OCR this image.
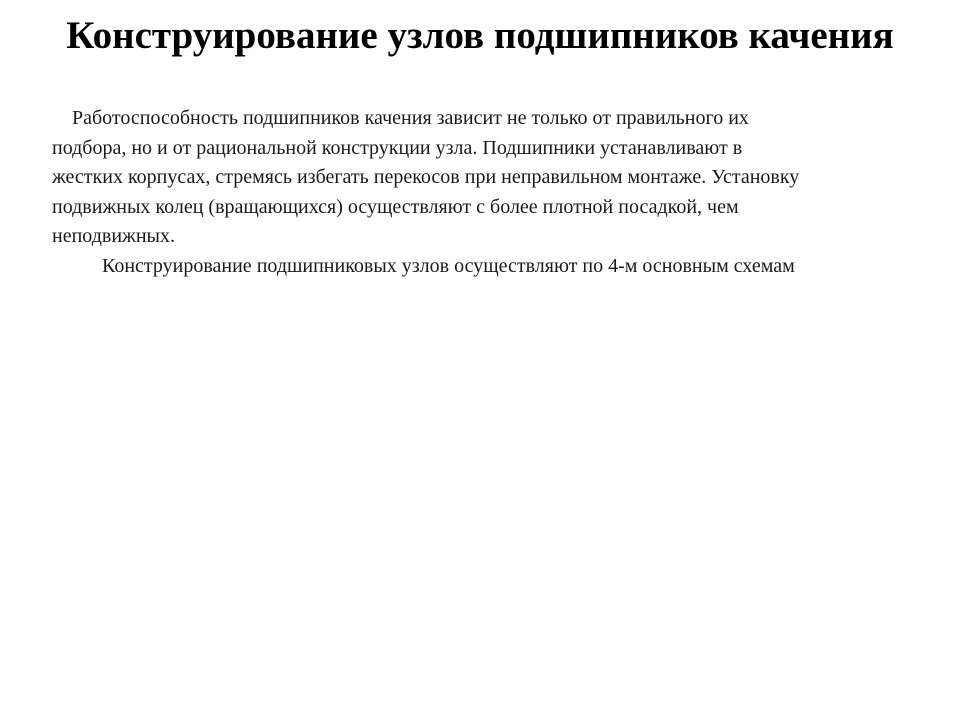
Конструирование узлов подшипников качения
Работоспособность подшипников качения зависит не только от правильного их
подбора, но и от рациональной конструкции узла. Подшипники устанавливают в
жестких корпусах, стремясь избегать перекосов при неправильном монтаже. Установку
подвижных колец (вращающихся) осуществляют с более плотной посадкой, чем
неподвижных.
Конструирование подшипниковых узлов осуществляют по 4-м основным схемам
